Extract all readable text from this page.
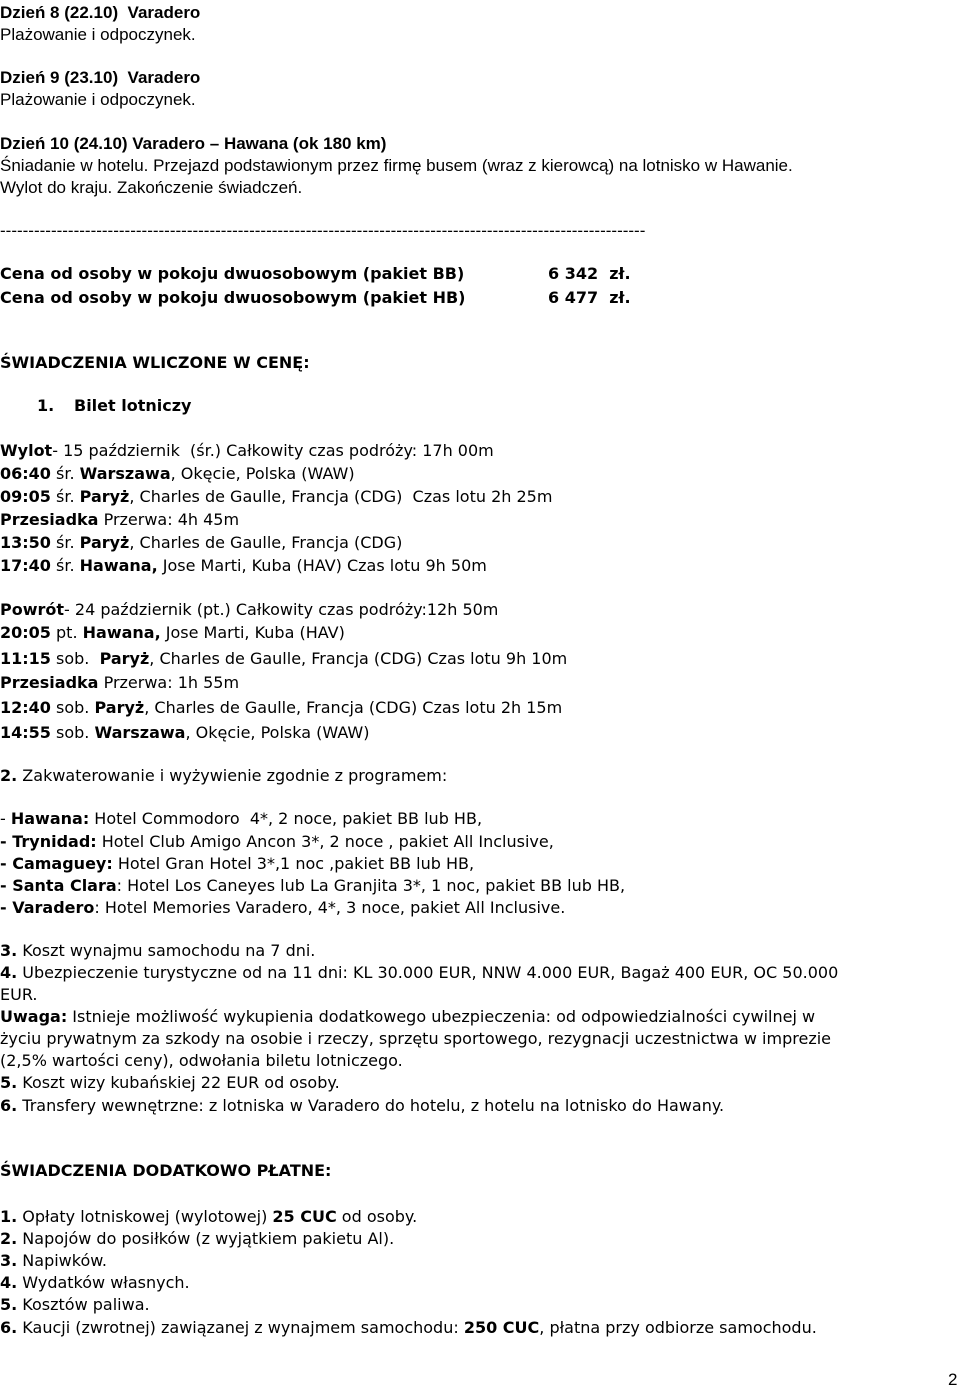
Dzień 8 (22.10)  Varadero
Plażowanie i odpoczynek.
Dzień 9 (23.10)  Varadero
Plażowanie i odpoczynek.
Dzień 10 (24.10) Varadero – Hawana (ok 180 km)
Śniadanie w hotelu. Przejazd podstawionym przez firmę busem (wraz z kierowcą) na lotnisko w Hawanie.
Wylot do kraju. Zakończenie świadczeń.
------------------------------------------------------------------------------------------------------------------
Cena od osoby w pokoju dwuosobowym (pakiet BB)	6 342  zł.
Cena od osoby w pokoju dwuosobowym (pakiet HB)	6 477  zł.
ŚWIADCZENIA WLICZONE W CENĘ:
1. Bilet lotniczy
Wylot- 15 październik  (śr.) Całkowity czas podróży: 17h 00m
06:40 śr. Warszawa, Okęcie, Polska (WAW)
09:05 śr. Paryż, Charles de Gaulle, Francja (CDG)  Czas lotu 2h 25m
Przesiadka Przerwa: 4h 45m
13:50 śr. Paryż, Charles de Gaulle, Francja (CDG)
17:40 śr. Hawana, Jose Marti, Kuba (HAV) Czas lotu 9h 50m
Powrót- 24 październik (pt.) Całkowity czas podróży:12h 50m
20:05 pt. Hawana, Jose Marti, Kuba (HAV)
11:15 sob.  Paryż, Charles de Gaulle, Francja (CDG) Czas lotu 9h 10m
Przesiadka Przerwa: 1h 55m
12:40 sob. Paryż, Charles de Gaulle, Francja (CDG) Czas lotu 2h 15m
14:55 sob. Warszawa, Okęcie, Polska (WAW)
2. Zakwaterowanie i wyżywienie zgodnie z programem:
- Hawana: Hotel Commodoro  4*, 2 noce, pakiet BB lub HB,
- Trynidad: Hotel Club Amigo Ancon 3*, 2 noce , pakiet All Inclusive,
- Camaguey: Hotel Gran Hotel 3*,1 noc ,pakiet BB lub HB,
- Santa Clara: Hotel Los Caneyes lub La Granjita 3*, 1 noc, pakiet BB lub HB,
- Varadero: Hotel Memories Varadero, 4*, 3 noce, pakiet All Inclusive.
3. Koszt wynajmu samochodu na 7 dni.
4. Ubezpieczenie turystyczne od na 11 dni: KL 30.000 EUR, NNW 4.000 EUR, Bagaż 400 EUR, OC 50.000
EUR.
Uwaga: Istnieje możliwość wykupienia dodatkowego ubezpieczenia: od odpowiedzialności cywilnej w
życiu prywatnym za szkody na osobie i rzeczy, sprzętu sportowego, rezygnacji uczestnictwa w imprezie
(2,5% wartości ceny), odwołania biletu lotniczego.
5. Koszt wizy kubańskiej 22 EUR od osoby.
6. Transfery wewnętrzne: z lotniska w Varadero do hotelu, z hotelu na lotnisko do Hawany.
ŚWIADCZENIA DODATKOWO PŁATNE:
1. Opłaty lotniskowej (wylotowej) 25 CUC od osoby.
2. Napojów do posiłków (z wyjątkiem pakietu Al).
3. Napiwków.
4. Wydatków własnych.
5. Kosztów paliwa.
6. Kaucji (zwrotnej) zawiązanej z wynajmem samochodu: 250 CUC, płatna przy odbiorze samochodu.
2
